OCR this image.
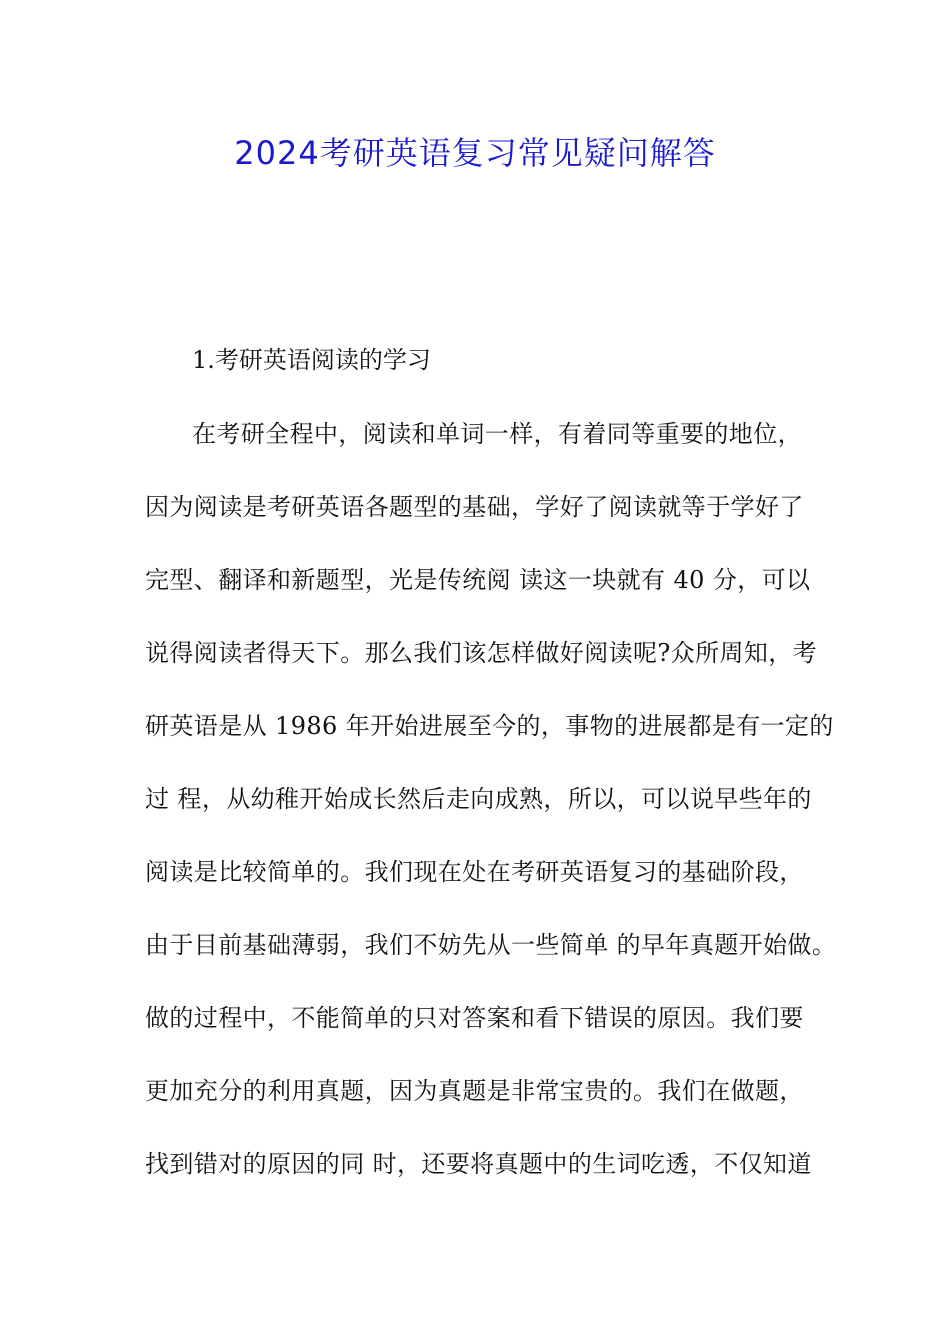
2024考研英语复习常见疑问解答
1.考研英语阅读的学习
在考研全程中，阅读和单词一样，有着同等重要的地位，
因为阅读是考研英语各题型的基础，学好了阅读就等于学好了
完型、翻译和新题型，光是传统阅 读这一块就有 40 分，可以
说得阅读者得天下。那么我们该怎样做好阅读呢?众所周知，考
研英语是从 1986 年开始进展至今的，事物的进展都是有一定的
过 程，从幼稚开始成长然后走向成熟，所以，可以说早些年的
阅读是比较简单的。我们现在处在考研英语复习的基础阶段，
由于目前基础薄弱，我们不妨先从一些简单 的早年真题开始做。
做的过程中，不能简单的只对答案和看下错误的原因。我们要
更加充分的利用真题，因为真题是非常宝贵的。我们在做题，
找到错对的原因的同 时，还要将真题中的生词吃透，不仅知道
